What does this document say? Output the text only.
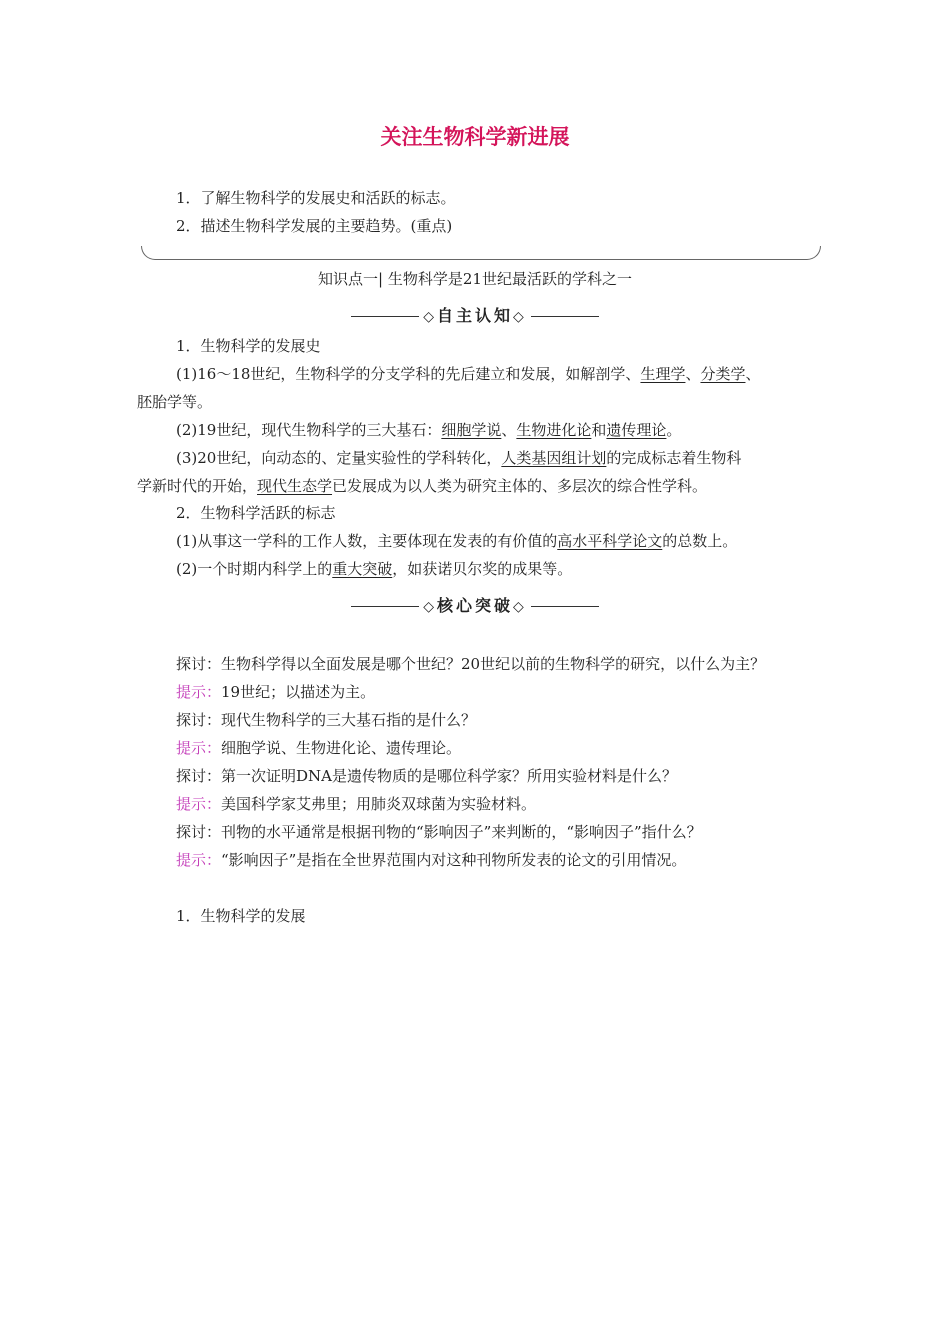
关注生物科学新进展
1．了解生物科学的发展史和活跃的标志。
2．描述生物科学发展的主要趋势。(重点)
知识点一| 生物科学是21世纪最活跃的学科之一
◇自主认知◇
1．生物科学的发展史
(1)16～18世纪，生物科学的分支学科的先后建立和发展，如解剖学、生理学、分类学、
胚胎学等。
(2)19世纪，现代生物科学的三大基石：细胞学说、生物进化论和遗传理论。
(3)20世纪，向动态的、定量实验性的学科转化，人类基因组计划的完成标志着生物科
学新时代的开始，现代生态学已发展成为以人类为研究主体的、多层次的综合性学科。
2．生物科学活跃的标志
(1)从事这一学科的工作人数，主要体现在发表的有价值的高水平科学论文的总数上。
(2)一个时期内科学上的重大突破，如获诺贝尔奖的成果等。
◇核心突破◇
探讨：生物科学得以全面发展是哪个世纪？20世纪以前的生物科学的研究，以什么为主？
提示：19世纪；以描述为主。
探讨：现代生物科学的三大基石指的是什么？
提示：细胞学说、生物进化论、遗传理论。
探讨：第一次证明DNA是遗传物质的是哪位科学家？所用实验材料是什么？
提示：美国科学家艾弗里；用肺炎双球菌为实验材料。
探讨：刊物的水平通常是根据刊物的“影响因子”来判断的，“影响因子”指什么？
提示：“影响因子”是指在全世界范围内对这种刊物所发表的论文的引用情况。
1．生物科学的发展
